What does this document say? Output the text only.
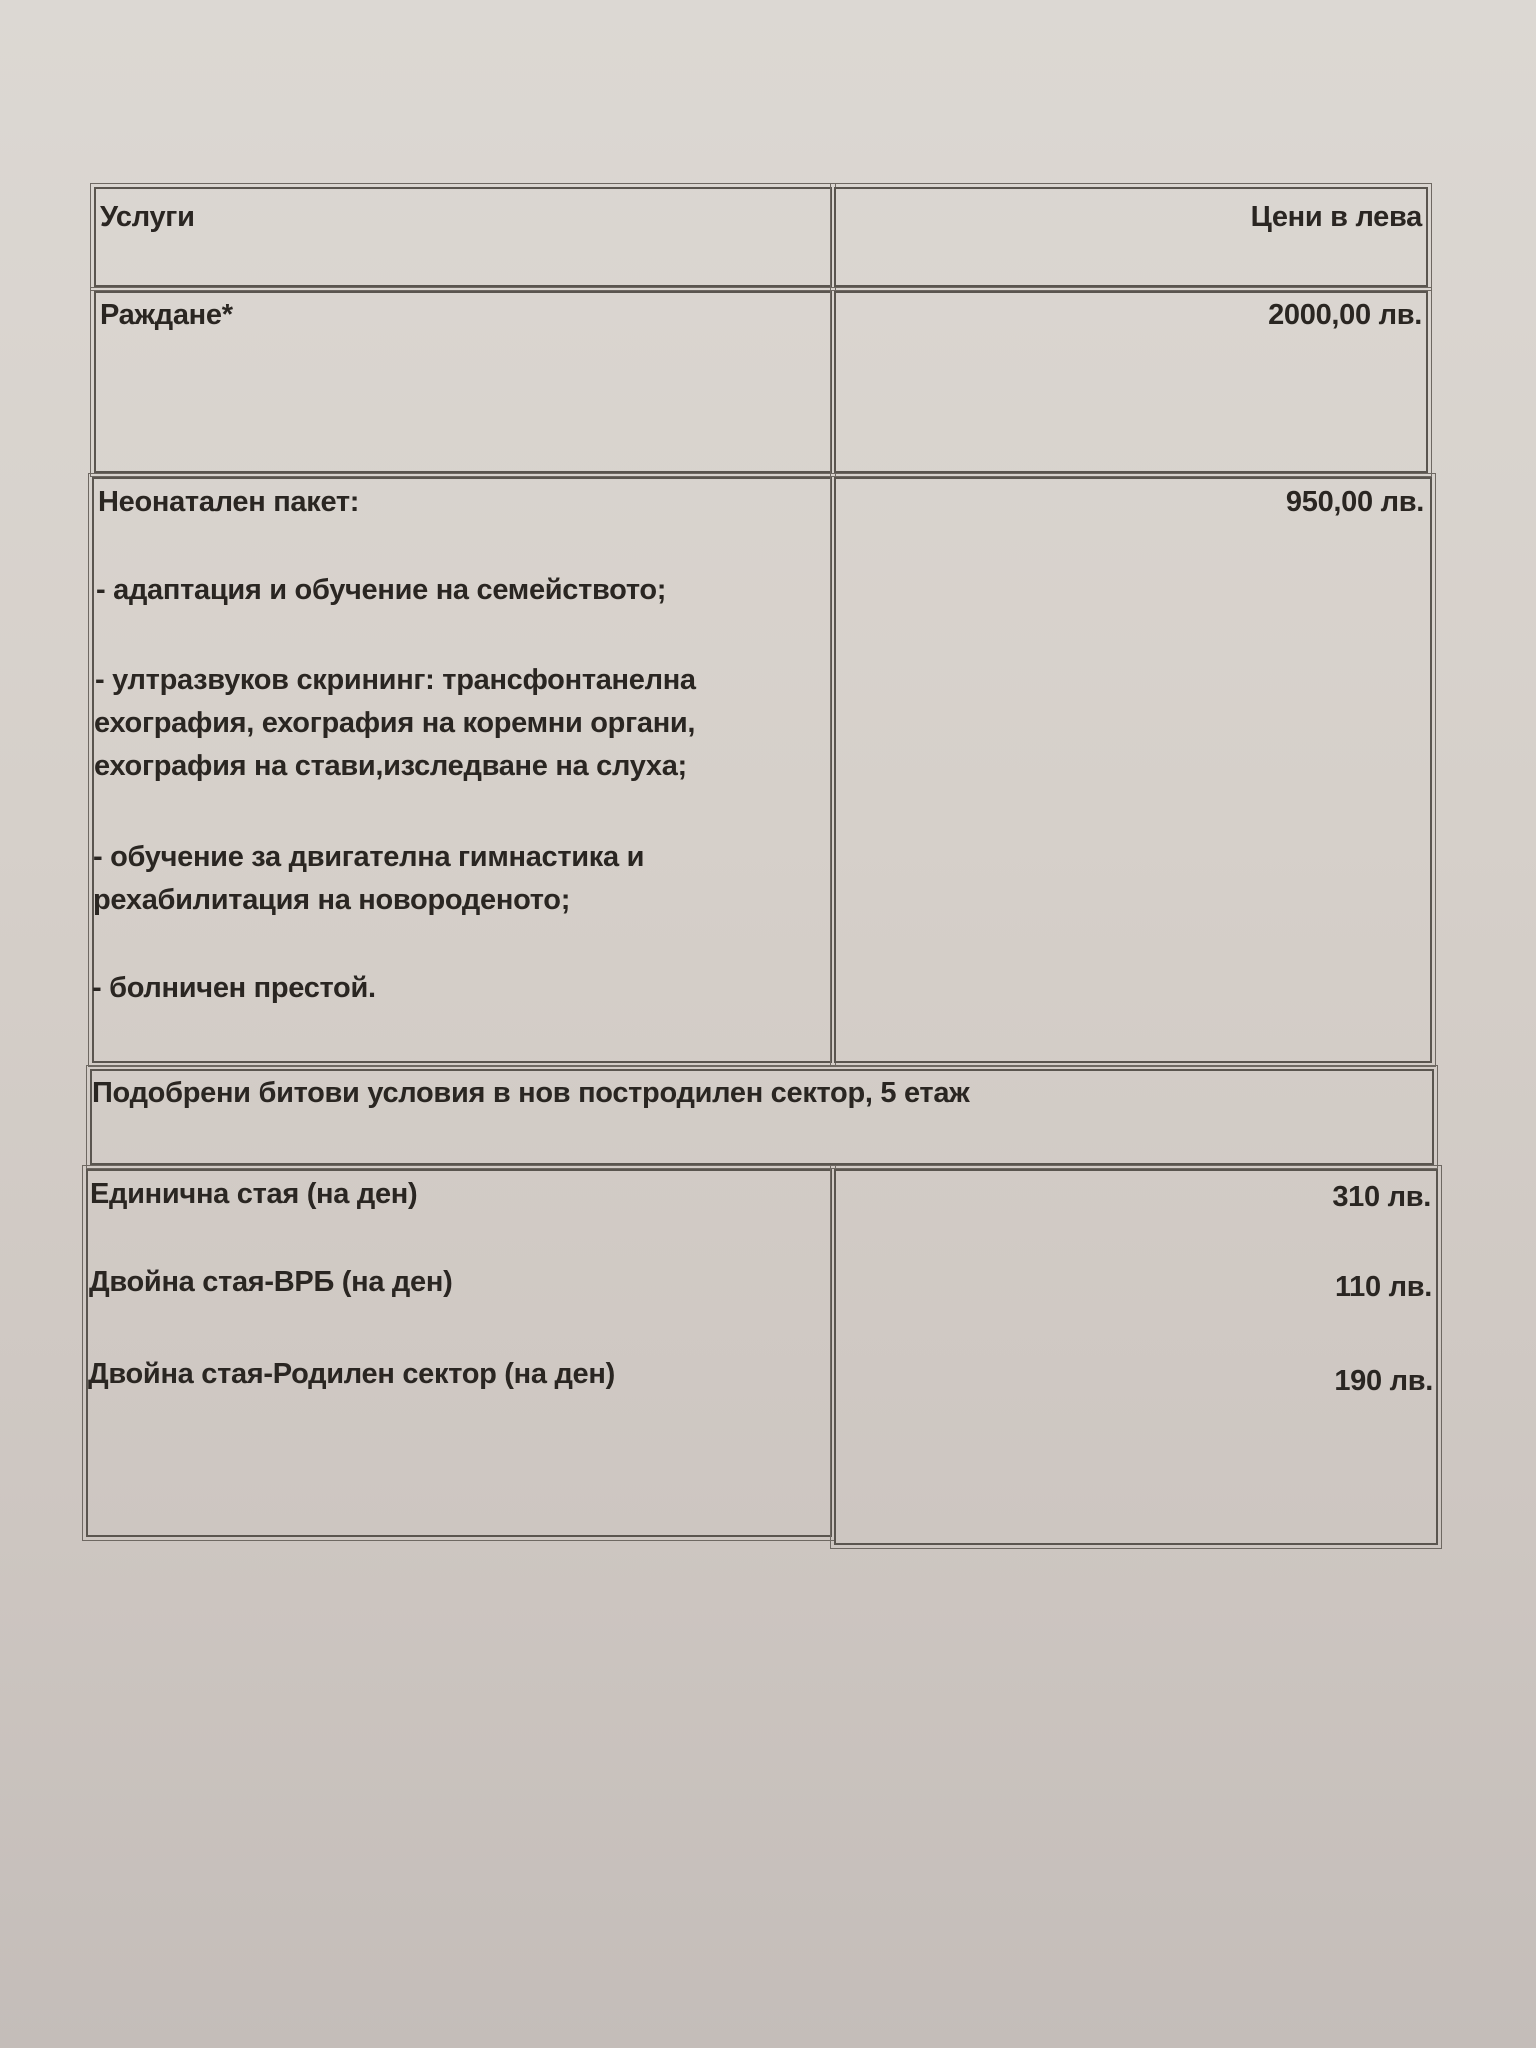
Услуги	Цени в лева
Раждане*	2000,00 лв.
Неонатален пакет:	950,00 лв.
- адаптация и обучение на семейството;
- ултразвуков скрининг: трансфонтанелна
ехография, ехография на коремни органи,
ехография на стави,изследване на слуха;
- обучение за двигателна гимнастика и
рехабилитация на новороденото;
- болничен престой.
Подобрени битови условия в нов постродилен сектор, 5 етаж
Единична стая (на ден)	310 лв.
Двойна стая-ВРБ (на ден)	110 лв.
Двойна стая-Родилен сектор (на ден)	190 лв.
